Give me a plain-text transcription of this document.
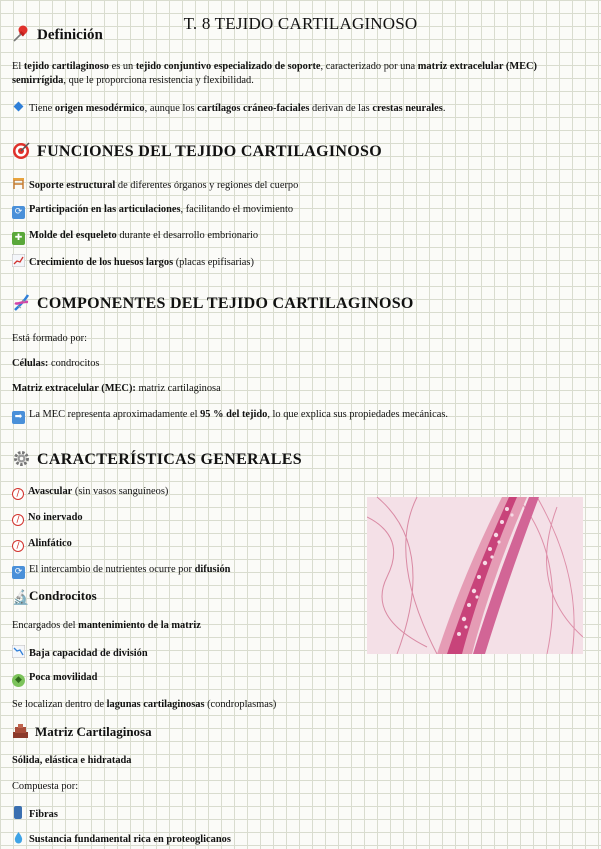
T. 8 TEJIDO CARTILAGINOSO
Definición
El tejido cartilaginoso es un tejido conjuntivo especializado de soporte, caracterizado por una matriz extracelular (MEC) semirrígida, que le proporciona resistencia y flexibilidad.
Tiene origen mesodérmico, aunque los cartílagos cráneo-faciales derivan de las crestas neurales.
FUNCIONES DEL TEJIDO CARTILAGINOSO
Soporte estructural de diferentes órganos y regiones del cuerpo
⟳ Participación en las articulaciones, facilitando el movimiento
✚ Molde del esqueleto durante el desarrollo embrionario
Crecimiento de los huesos largos (placas epifisarias)
COMPONENTES DEL TEJIDO CARTILAGINOSO
Está formado por:
Células: condrocitos
Matriz extracelular (MEC): matriz cartilaginosa
➡ La MEC representa aproximadamente el 95 % del tejido, lo que explica sus propiedades mecánicas.
CARACTERÍSTICAS GENERALES
/ Avascular (sin vasos sanguíneos)
/ No inervado
/ Alinfático
⟳ El intercambio de nutrientes ocurre por difusión
🔬Condrocitos
Encargados del mantenimiento de la matriz
Baja capacidad de división
◆ Poca movilidad
Se localizan dentro de lagunas cartilaginosas (condroplasmas)
Matriz Cartilaginosa
Sólida, elástica e hidratada
Compuesta por:
Fibras
Sustancia fundamental rica en proteoglicanos
